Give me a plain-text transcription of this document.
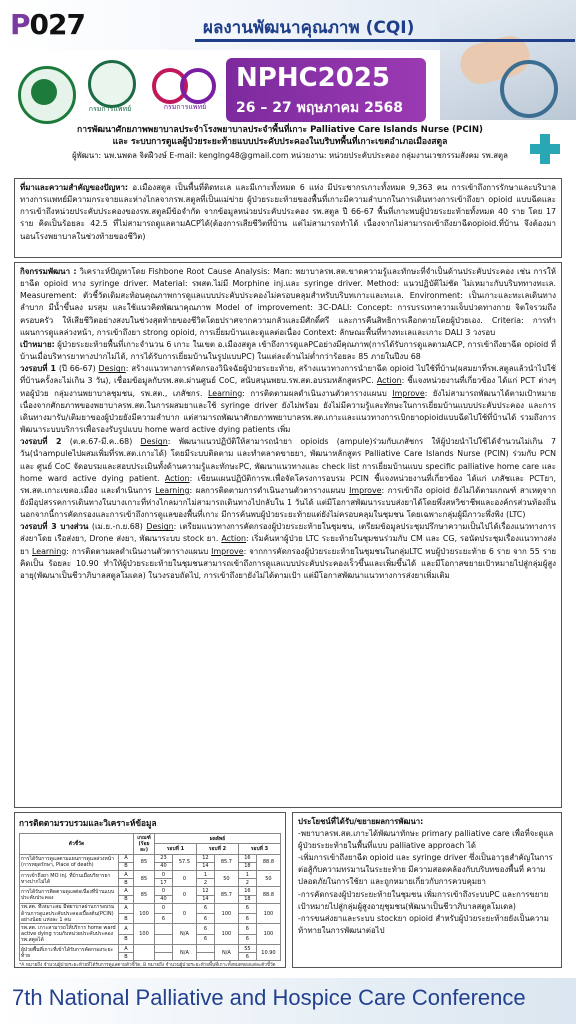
P027	ผลงานพัฒนาคุณภาพ (CQI)
กรมการแพทย์	กรมการแพทย์
NPHC2025
26 – 27 พฤษภาคม 2568
การพัฒนาศักยภาพพยาบาลประจำโรงพยาบาลประจำพื้นที่เกาะ Palliative Care Islands Nurse (PCIN)
และ ระบบการดูแลผู้ป่วยระยะท้ายแบบประคับประคองในบริบทพื้นที่เกาะเขตอำเภอเมืองสตูล
ผู้พัฒนา: นพ.นพดล จิตฝีวงษ์ E-mail: kenglng48@gmail.com หน่วยงาน: หน่วยประคับประคอง กลุ่มงานเวชกรรมสังคม รพ.สตูล

ที่มาและความสำคัญของปัญหา: อ.เมืองสตูล เป็นพื้นที่ติดทะเล และมีเกาะทั้งหมด 6 แห่ง มีประชากรเกาะทั้งหมด 9,363 คน การเข้าถึงการรักษาและบริบาลทางการแพทย์มีความกระจายและห่างไกลจากรพ.สตูลที่เป็นแม่ข่าย ผู้ป่วยระยะท้ายของพื้นที่เกาะมีความลำบากในการเดินทางการเข้าถึงยา opioid แบบฉีดและการเข้าถึงหน่วยประคับประคองของรพ.สตูลมีข้อจำกัด จากข้อมูลหน่วยประคับประคอง รพ.สตูล ปี 66-67 พื้นที่เกาะพบผู้ป่วยระยะท้ายทั้งหมด 40 ราย โดย 17 ราย คิดเป็นร้อยละ 42.5 ที่ไม่สามารถดูแลตามACPได้(ต้องการเสียชีวิตที่บ้าน แต่ไม่สามารถทำได้ เนื่องจากไม่สามารถเข้าถึงยาฉีดopioid.ที่บ้าน จึงต้องมานอนโรงพยาบาลในช่วงท้ายของชีวิต)

กิจกรรมพัฒนา : วิเคราะห์ปัญหาโดย Fishbone Root Cause Analysis: Man: พยาบาลรพ.สต.ขาดความรู้และทักษะที่จำเป็นด้านประคับประคอง เช่น การให้ยาฉีด opioid ทาง syringe driver. Material: รพสต.ไม่มี Morphine inj.และ syringe driver. Method: แนวปฏิบัติไม่ชัด ไม่เหมาะกับบริบททางทะเล. Measurement: ตัวชี้วัดเดิมสะท้อนคุณภาพการดูแลแบบประคับประคองไม่ครอบคลุมสำหรับบริบทเกาะและทะเล. Environment: เป็นเกาะและทะเลเดินทางลำบาก มีน้ำขึ้นลง มรสุม และใช้แนวคิดพัฒนาคุณภาพ Model of improvement: 3C-DALI: Concept: การบรรเทาความเจ็บปวดทางกาย จิตใจรวมถึงครอบครัว ให้เสียชีวิตอย่างสงบในช่วงสุดท้ายของชีวิตโดยปราศจากความกลัวและมีศักดิ์ศรี และการคืนสิทธิการเลือกตายโดยผู้ป่วยเอง. Criteria: การทำแผนการดูแลล่วงหน้า, การเข้าถึงยา strong opioid, การเยี่ยมบ้านและดูแลต่อเนื่อง Context: ลักษณะพื้นที่ทางทะเลและเกาะ DALI 3 วงรอบ

เป้าหมาย: ผู้ป่วยระยะท้ายพื้นที่เกาะจำนวน 6 เกาะ ในเขต อ.เมืองสตูล เข้าถึงการดูแลPCอย่างมีคุณภาพ(การได้รับการดูแลตามACP, การเข้าถึงยาฉีด opioid ที่บ้านเมื่อบริหารยาทางปากไม่ได้, การได้รับการเยี่ยมบ้านในรูปแบบPC) ในแต่ละด้านไม่ต่ำกว่าร้อยละ 85 ภายในปีงบ 68

วงรอบที่ 1 (ปี 66-67) Design: สร้างแนวทางการคัดกรองวินิจฉัยผู้ป่วยระยะท้าย, สร้างแนวทางการนำยาฉีด opioid ไปใช้ที่บ้าน(ผสมยาที่รพ.สตูลแล้วนำไปใช้ที่บ้านครั้งละไม่เกิน 3 วัน), เชื่อมข้อมูลกับรพ.สต.ผ่านศูนย์ CoC, สนับสนุนพยบ.รพ.สต.อบรมหลักสูตรPC. Action: ชี้แจงหน่วยงานที่เกี่ยวข้อง ได้แก่ PCT ต่างๆ หอผู้ป่วย กลุ่มงานพยาบาลชุมชน, รพ.สต., เภสัชกร. Learning: การติดตามผลดำเนินงานตัวตารางแผนบ Improve: ยังไม่สามารถพัฒนาได้ตามเป้าหมาย เนื่องจากศักยภาพของพยาบาลรพ.สต.ในการผสมยาและใช้ syringe driver ยังไม่พร้อม ยังไม่มีความรู้และทักษะในการเยี่ยมบ้านแบบประคับประคอง และการเดินทางมารับ/เติมยาของผู้ป่วยยังมีความลำบาก แต่สามารถพัฒนาศักยภาพพยาบาลรพ.สต.เกาะและแนวทางการเบิกยาopioidแบบฉีดไปใช้ที่บ้านได้ รวมถึงการพัฒนาระบบบริการเพื่อรองรับรูปแบบ home ward active dying patients เพิ่ม

วงรอบที่ 2 (ต.ค.67-มี.ค..68) Design: พัฒนาแนวปฏิบัติให้สามารถนำยา opioids (ampule)ร่วมกับเภสัชกร ให้ผู้ป่วยนำไปใช้ได้จำนวนไม่เกิน 7 วัน(นำampuleไปผสมเพิ่มที่รพ.สต.เกาะได้) โดยมีระบบติดตาม และทำตลาดขายยา, พัฒนาหลักสูตร Palliative Care Islands Nurse (PCIN) ร่วมกับ PCN และ ศูนย์ CoC จัดอบรมและสอบประเมินทั้งด้านความรู้และทักษะPC, พัฒนาแนวทางและ check list การเยี่ยมบ้านแบบ specific palliative home care และ home ward active dying patient. Action: เขียนแผนปฏิบัติการพ.เพื่อจัดโครงการอบรม PCIN ชี้แจงหน่วยงานที่เกี่ยวข้อง ได้แก่ เภสัชและ PCTยา, รพ.สต.เกาะเขตอ.เมือง และดำเนินการ Learning: ผลการติดตามการดำเนินงานตัวตารางแผนบ Improve: การเข้าถึง opioid ยังไม่ได้ตามเกณฑ์ สาเหตุจากยังมีอุปสรรคการเดินทางในบางเกาะที่ห่างไกลมากไม่สามารถเดินทางไปกลับใน 1 วันได้ แต่มีโอกาสพัฒนาระบบส่งยาได้โดยพึ่งสหวิชาชีพและองค์กรส่วนท้องถิ่น นอกจากนี้การคัดกรองและการเข้าถึงการดูแลของพื้นที่เกาะ มีการค้นพบผู้ป่วยระยะท้ายแต่ยังไม่ครอบคลุมในชุมชน โดยเฉพาะกลุ่มผู้มีภาวะพึ่งพิง (LTC)

วงรอบที่ 3 บางส่วน (เม.ย.-ก.ย.68) Design: เตรียมแนวทางการคัดกรองผู้ป่วยระยะท้ายในชุมชน, เตรียมข้อมูลประชุมปรึกษาความเป็นไปได้เรื่องแนวทางการส่งยาโดย เรือส่งยา, Drone ส่งยา, พัฒนาระบบ stock ยา. Action: เริ่มค้นหาผู้ป่วย LTC ระยะท้ายในชุมชนร่วมกับ CM และ CG, รอนัดประชุมเรื่องแนวทางส่งยา Learning: การติดตามผลดำเนินงานตัวตารางแผนบ Improve: จากการคัดกรองผู้ป่วยระยะท้ายในชุมชนในกลุ่มLTC พบผู้ป่วยระยะท้าย 6 ราย จาก 55 ราย คิดเป็น ร้อยละ 10.90 ทำให้ผู้ป่วยระยะท้ายในชุมชนสามารถเข้าถึงการดูแลแบบประคับประคองเร็วขึ้นและเพิ่มขึ้นได้ และมีโอกาสขยายเป้าหมายไปสู่กลุ่มผู้สูงอายุ(พัฒนาเป็นชีวาภิบาลสตูลโมเดล) ในวงรอบถัดไป, การเข้าถึงยายังไม่ได้ตามเป้า แต่มีโอกาสพัฒนาแนวทางการส่งยาเพิ่มเติม

การติดตามรวบรวมและวิเคราะห์ข้อมูล
ตัวชี้วัด		เกณฑ์ (ร้อยละ)	ผลลัพธ์					
			รอบที่ 1		รอบที่ 2		รอบที่ 3	
การได้รับการดูแลตามแผนการดูแลล่วงหน้า (การหยุดรักษา, Place of death)	A	85	23	57.5	12	85.7	16	88.8
	B		40		14		18	
การเข้าถึงยา MO inj. ที่บ้านเมื่อบริหารยาทางปากไม่ได้	A	85	0	0	1	50	1	50
	B		17		2		2	
การได้รับการติดตามดูแลต่อเนื่องที่บ้านแบบประคับประคอง	A	85	0	0	12	85.7	16	88.8
	B		40		14		18	
รพ.สต. ที่เหมาะสม มีพยาบาลผ่านการอบรมด้านการดูแลประคับประคองเบื้องต้น(PCIN) อย่างน้อย แห่งละ 1 คน	A	100	0	0	6	100	6	100
	B		6		6		6	
รพ.สต. เกาะสามารถให้บริการ home ward active dying รวมกับหน่วยประคับประคอง รพ.สตูลได้	A	100		N/A	6	100	6	100
	B				6		6	
ผู้ป่วยพื้นที่เกาะที่เข้าได้รับการคัดกรองระยะท้าย	A			N/A		N/A	55	10.90
	B						6	
*A หมายถึง จำนวนผู้ป่วยระยะท้ายที่ได้รับการดูแลตามตัวชี้วัด, B หมายถึง จำนวนผู้ป่วยระยะท้ายพื้นที่เกาะทั้งหมดของแต่ละตัวชี้วัด
ประโยชน์ที่ได้รับ/ขยายผลการพัฒนา:
-พยาบาลรพ.สต.เกาะได้พัฒนาทักษะ primary palliative care เพื่อที่จะดูแลผู้ป่วยระยะท้ายในพื้นที่แบบ palliative approach ได้
-เพิ่มการเข้าถึงยาฉีด opioid และ syringe driver ซึ่งเป็นอาวุธสำคัญในการต่อสู้กับความทรมานในระยะท้าย มีความสอดคล้องกับบริบทของพื้นที่ ความปลอดภัยในการใช้ยา และถูกหมายเกี่ยวกับการควบคุมยา
-การคัดกรองผู้ป่วยระยะท้ายในชุมชน เพิ่มการเข้าถึงระบบPC และการขยายเป้าหมายไปสู่กลุ่มผู้สูงอายุชุมชน(พัฒนาเป็นชีวาภิบาลสตูลโมเดล)
-การขนส่งยาและระบบ stockยา opioid สำหรับผู้ป่วยระยะท้ายยังเป็นความท้าทายในการพัฒนาต่อไป
7th National Palliative and Hospice Care Conference
